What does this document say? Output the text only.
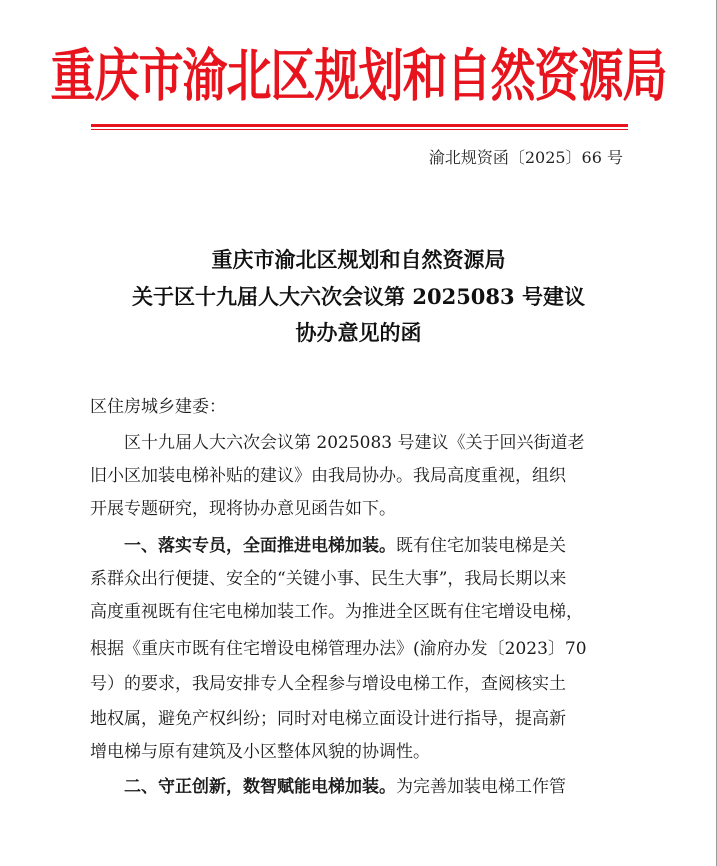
重庆市渝北区规划和自然资源局
渝北规资函〔2025〕66 号
重庆市渝北区规划和自然资源局
关于区十九届人大六次会议第 2025083 号建议
协办意见的函
区住房城乡建委：
区十九届人大六次会议第 2025083 号建议《关于回兴街道老
旧小区加装电梯补贴的建议》由我局协办。我局高度重视，组织
开展专题研究，现将协办意见函告如下。
一、落实专员，全面推进电梯加装。既有住宅加装电梯是关
系群众出行便捷、安全的“关键小事、民生大事”，我局长期以来
高度重视既有住宅电梯加装工作。为推进全区既有住宅增设电梯，
根据《重庆市既有住宅增设电梯管理办法》(渝府办发〔2023〕70
号）的要求，我局安排专人全程参与增设电梯工作，查阅核实土
地权属，避免产权纠纷；同时对电梯立面设计进行指导，提高新
增电梯与原有建筑及小区整体风貌的协调性。
二、守正创新，数智赋能电梯加装。为完善加装电梯工作管
